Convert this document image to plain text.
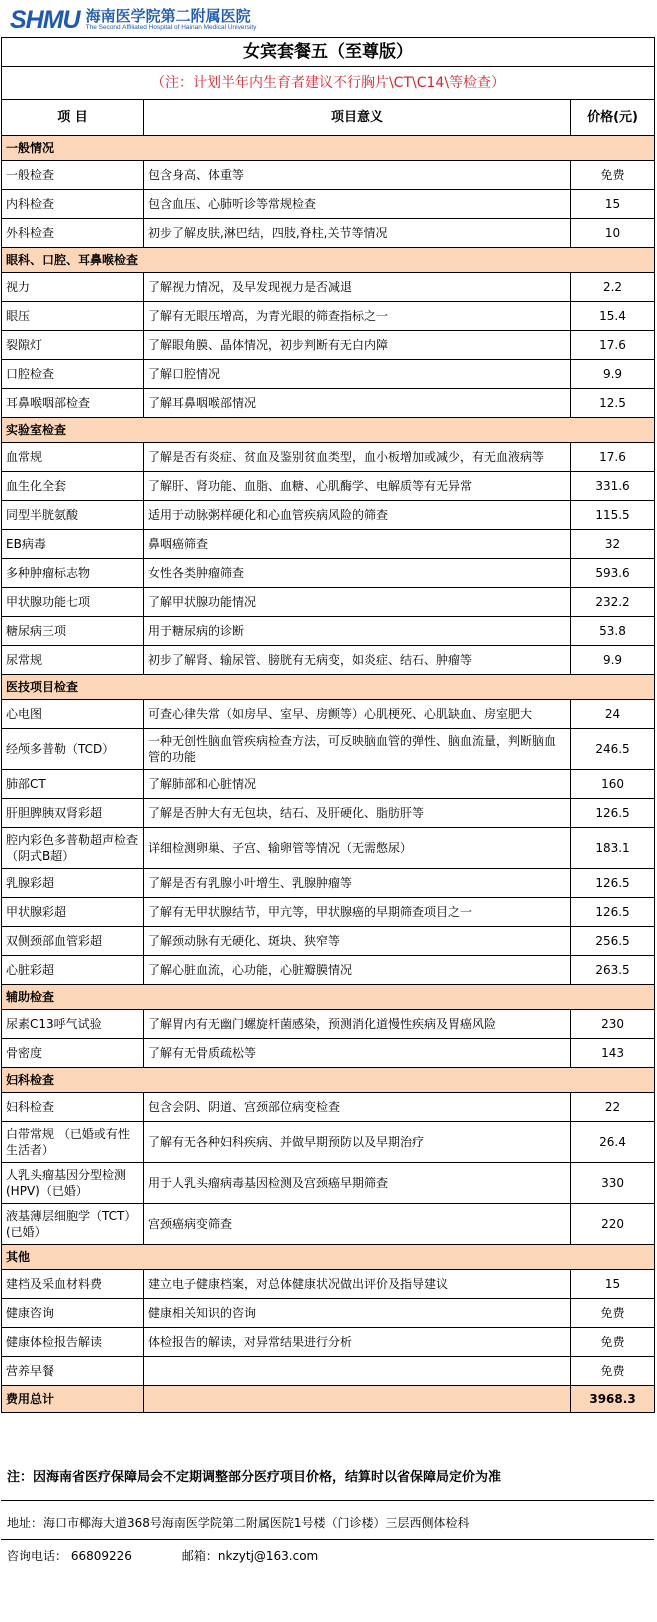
SHMU 海南医学院第二附属医院
The Second Affiliated Hospital of Hainan Medical University
女宾套餐五（至尊版）		
（注：计划半年内生育者建议不行胸片\CT\C14\等检查）		
项 目	项目意义	价格(元)
一般情况		
一般检查	包含身高、体重等	免费
内科检查	包含血压、心肺听诊等常规检查	15
外科检查	初步了解皮肤,淋巴结，四肢,脊柱,关节等情况	10
眼科、口腔、耳鼻喉检查		
视力	了解视力情况，及早发现视力是否减退	2.2
眼压	了解有无眼压增高，为青光眼的筛查指标之一	15.4
裂隙灯	了解眼角膜、晶体情况，初步判断有无白内障	17.6
口腔检查	了解口腔情况	9.9
耳鼻喉咽部检查	了解耳鼻咽喉部情况	12.5
实验室检查		
血常规	了解是否有炎症、贫血及鉴别贫血类型，血小板增加或减少，有无血液病等	17.6
血生化全套	了解肝、肾功能、血脂、血糖、心肌酶学、电解质等有无异常	331.6
同型半胱氨酸	适用于动脉粥样硬化和心血管疾病风险的筛查	115.5
EB病毒	鼻咽癌筛查	32
多种肿瘤标志物	女性各类肿瘤筛查	593.6
甲状腺功能七项	了解甲状腺功能情况	232.2
糖尿病三项	用于糖尿病的诊断	53.8
尿常规	初步了解肾、输尿管、膀胱有无病变，如炎症、结石、肿瘤等	9.9
医技项目检查		
心电图	可查心律失常（如房早、室早、房颤等）心肌梗死、心肌缺血、房室肥大	24
经颅多普勒（TCD）	一种无创性脑血管疾病检查方法，可反映脑血管的弹性、脑血流量，判断脑血管的功能	246.5
肺部CT	了解肺部和心脏情况	160
肝胆脾胰双肾彩超	了解是否肿大有无包块，结石、及肝硬化、脂肪肝等	126.5
腔内彩色多普勒超声检查（阴式B超）	详细检测卵巢、子宫、输卵管等情况（无需憋尿）	183.1
乳腺彩超	了解是否有乳腺小叶增生、乳腺肿瘤等	126.5
甲状腺彩超	了解有无甲状腺结节，甲亢等，甲状腺癌的早期筛查项目之一	126.5
双侧颈部血管彩超	了解颈动脉有无硬化、斑块、狭窄等	256.5
心脏彩超	了解心脏血流，心功能，心脏瓣膜情况	263.5
辅助检查		
尿素C13呼气试验	了解胃内有无幽门螺旋杆菌感染，预测消化道慢性疾病及胃癌风险	230
骨密度	了解有无骨质疏松等	143
妇科检查		
妇科检查	包含会阴、阴道、宫颈部位病变检查	22
白带常规 （已婚或有性生活者）	了解有无各种妇科疾病、并做早期预防以及早期治疗	26.4
人乳头瘤基因分型检测(HPV)（已婚）	用于人乳头瘤病毒基因检测及宫颈癌早期筛查	330
液基薄层细胞学（TCT）(已婚）	宫颈癌病变筛查	220
其他		
建档及采血材料费	建立电子健康档案，对总体健康状况做出评价及指导建议	15
健康咨询	健康相关知识的咨询	免费
健康体检报告解读	体检报告的解读，对异常结果进行分析	免费
营养早餐		免费
费用总计		3968.3
注：因海南省医疗保障局会不定期调整部分医疗项目价格，结算时以省保障局定价为准
地址：海口市椰海大道368号海南医学院第二附属医院1号楼（门诊楼）三层西侧体检科
咨询电话： 66809226	邮箱：nkzytj@163.com
